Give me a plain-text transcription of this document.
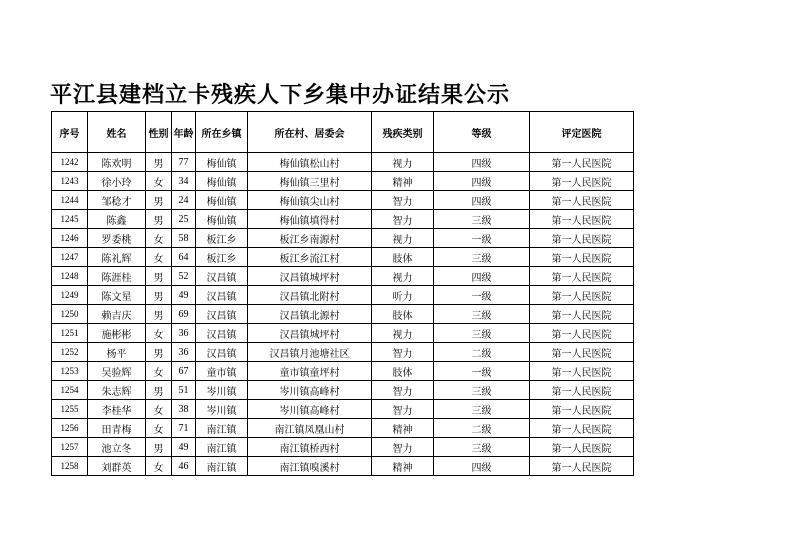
平江县建档立卡残疾人下乡集中办证结果公示
序号	姓名	性别	年龄	所在乡镇	所在村、居委会	残疾类别	等级	评定医院
1242	陈欢明	男	77	梅仙镇	梅仙镇松山村	视力	四级	第一人民医院
1243	徐小玲	女	34	梅仙镇	梅仙镇三里村	精神	四级	第一人民医院
1244	邹稔才	男	24	梅仙镇	梅仙镇尖山村	智力	四级	第一人民医院
1245	陈鑫	男	25	梅仙镇	梅仙镇填得村	智力	三级	第一人民医院
1246	罗委桃	女	58	板江乡	板江乡南源村	视力	一级	第一人民医院
1247	陈礼辉	女	64	板江乡	板江乡流江村	肢体	三级	第一人民医院
1248	陈涯桂	男	52	汉昌镇	汉昌镇城坪村	视力	四级	第一人民医院
1249	陈文星	男	49	汉昌镇	汉昌镇北附村	听力	一级	第一人民医院
1250	赖吉庆	男	69	汉昌镇	汉昌镇北源村	肢体	三级	第一人民医院
1251	施彬彬	女	36	汉昌镇	汉昌镇城坪村	视力	三级	第一人民医院
1252	杨平	男	36	汉昌镇	汉昌镇月池塘社区	智力	二级	第一人民医院
1253	吴验辉	女	67	童市镇	童市镇童坪村	肢体	一级	第一人民医院
1254	朱志辉	男	51	岑川镇	岑川镇高峰村	智力	三级	第一人民医院
1255	李桂华	女	38	岑川镇	岑川镇高峰村	智力	三级	第一人民医院
1256	田青梅	女	71	南江镇	南江镇凤凰山村	精神	二级	第一人民医院
1257	池立冬	男	49	南江镇	南江镇桥西村	智力	三级	第一人民医院
1258	刘群英	女	46	南江镇	南江镇嗅溪村	精神	四级	第一人民医院
